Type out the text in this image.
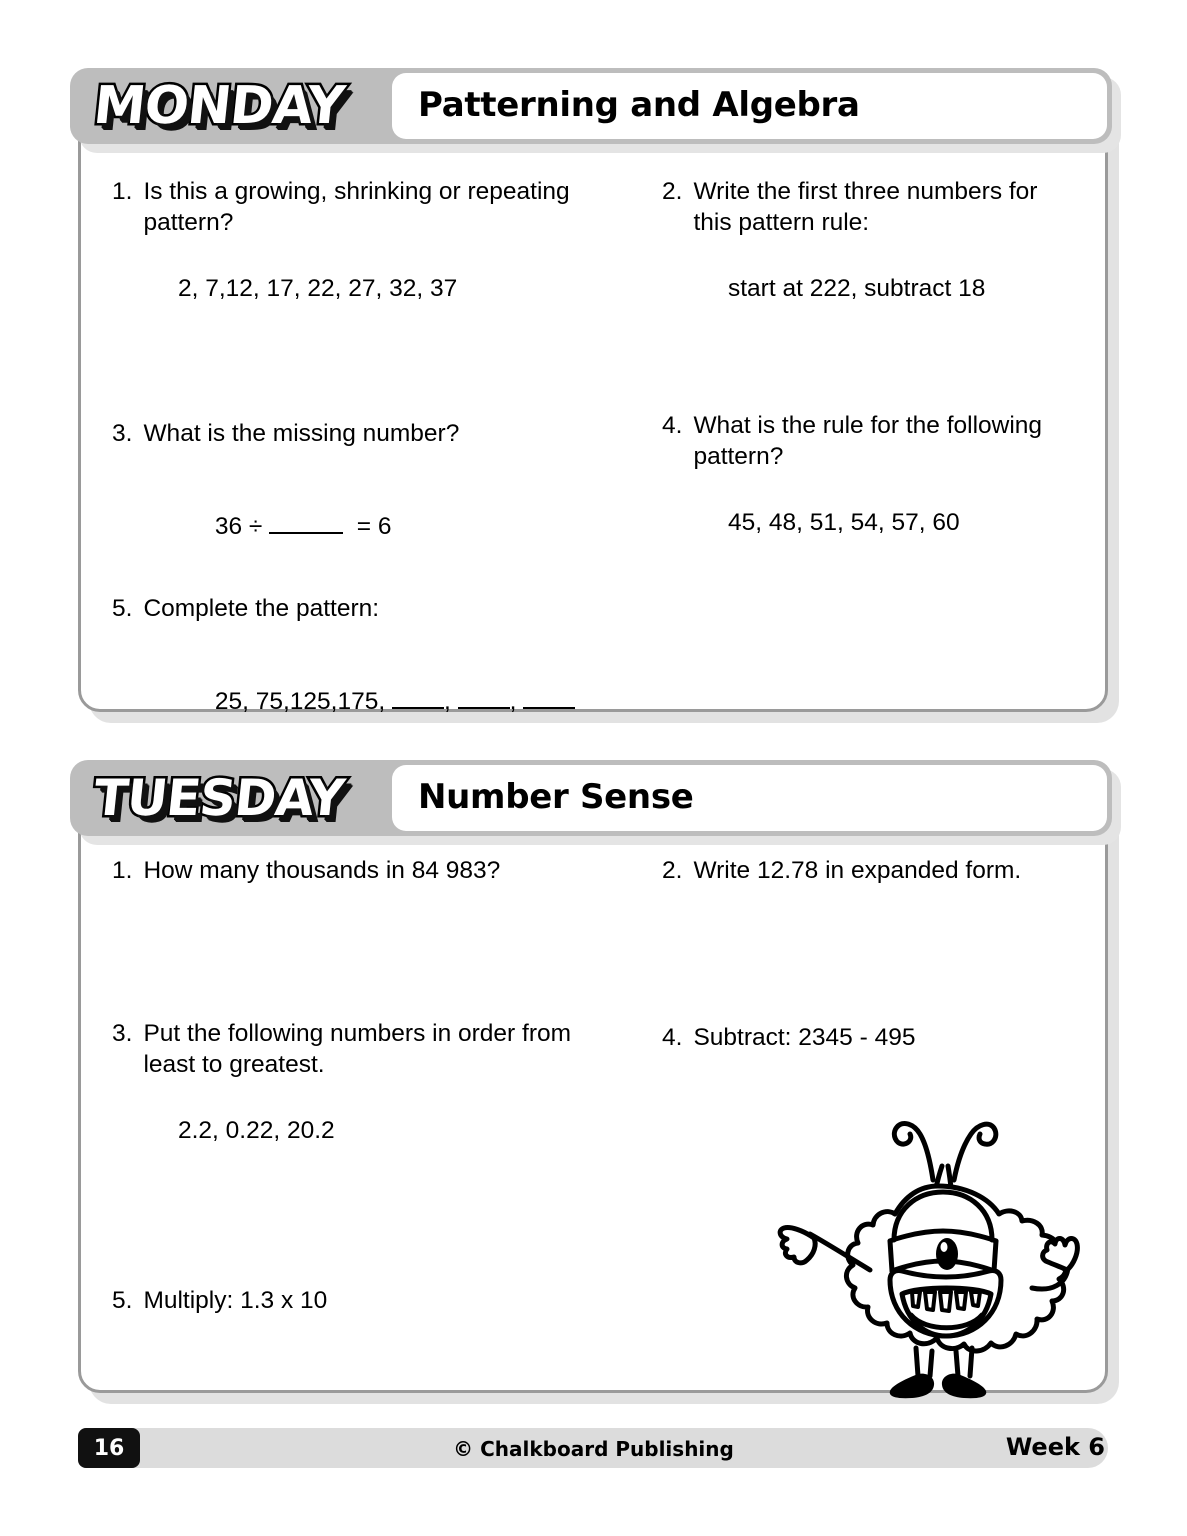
Patterning and Algebra
MONDAY
1. Is this a growing, shrinking or repeating pattern?
2, 7,12, 17, 22, 27, 32, 37
2. Write the first three numbers for this pattern rule:
start at 222, subtract 18
3. What is the missing number?

36 ÷	= 6

4. What is the rule for the following pattern?
45, 48, 51, 54, 57, 60
5. Complete the pattern:

25, 75,125,175, , ,

Number Sense
TUESDAY
1. How many thousands in 84 983?	2. Write 12.78 in expanded form.
3. Put the following numbers in order from least to greatest.
2.2, 0.22, 20.2
4. Subtract: 2345 - 495
5. Multiply: 1.3 x 10
16	© Chalkboard Publishing	Week 6
